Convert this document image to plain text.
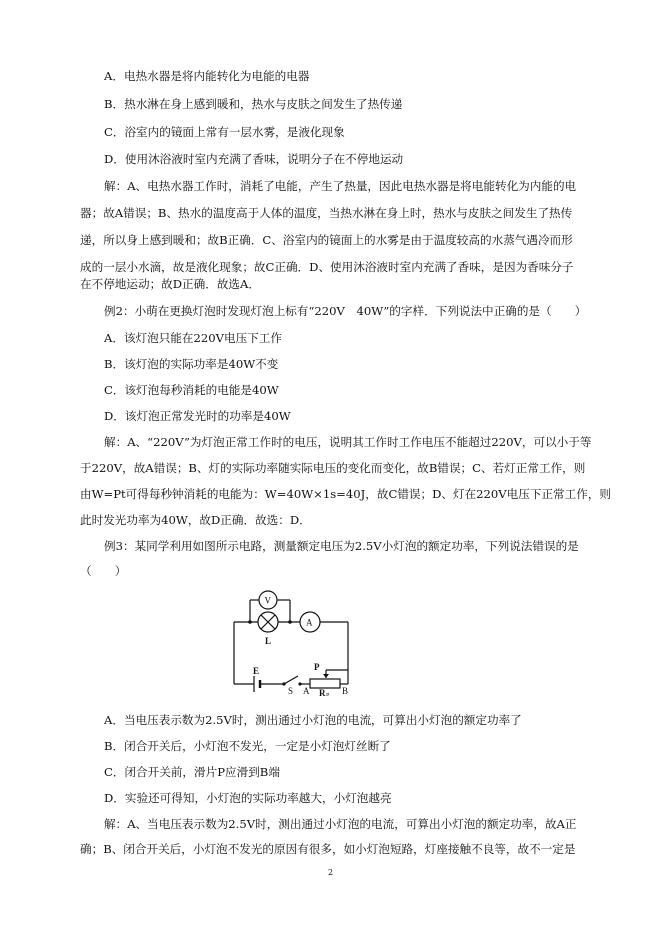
A．电热水器是将内能转化为电能的电器
B．热水淋在身上感到暖和，热水与皮肤之间发生了热传递
C．浴室内的镜面上常有一层水雾，是液化现象
D．使用沐浴液时室内充满了香味，说明分子在不停地运动
解：A、电热水器工作时，消耗了电能，产生了热量，因此电热水器是将电能转化为内能的电
器；故A错误；B、热水的温度高于人体的温度，当热水淋在身上时，热水与皮肤之间发生了热传
递，所以身上感到暖和；故B正确．C、浴室内的镜面上的水雾是由于温度较高的水蒸气遇冷而形
成的一层小水滴，故是液化现象；故C正确．D、使用沐浴液时室内充满了香味，是因为香味分子
在不停地运动；故D正确．故选A．
例2：小萌在更换灯泡时发现灯泡上标有“220V　40W”的字样．下列说法中正确的是（　　）
A．该灯泡只能在220V电压下工作
B．该灯泡的实际功率是40W不变
C．该灯泡每秒消耗的电能是40W
D．该灯泡正常发光时的功率是40W
解：A、“220V”为灯泡正常工作时的电压，说明其工作时工作电压不能超过220V，可以小于等
于220V，故A错误；B、灯的实际功率随实际电压的变化而变化，故B错误；C、若灯正常工作，则
由W=Pt可得每秒钟消耗的电能为：W=40W×1s=40J，故C错误；D、灯在220V电压下正常工作，则
此时发光功率为40W，故D正确．故选：D．
例3：某同学利用如图所示电路，测量额定电压为2.5V小灯泡的额定功率，下列说法错误的是
（　　）
V
A
L
E
S
P
A R P B
A．当电压表示数为2.5V时，测出通过小灯泡的电流，可算出小灯泡的额定功率了
B．闭合开关后，小灯泡不发光，一定是小灯泡灯丝断了
C．闭合开关前，滑片P应滑到B端
D．实验还可得知，小灯泡的实际功率越大，小灯泡越亮
解：A、当电压表示数为2.5V时，测出通过小灯泡的电流，可算出小灯泡的额定功率，故A正
确；B、闭合开关后，小灯泡不发光的原因有很多，如小灯泡短路，灯座接触不良等，故不一定是
2
